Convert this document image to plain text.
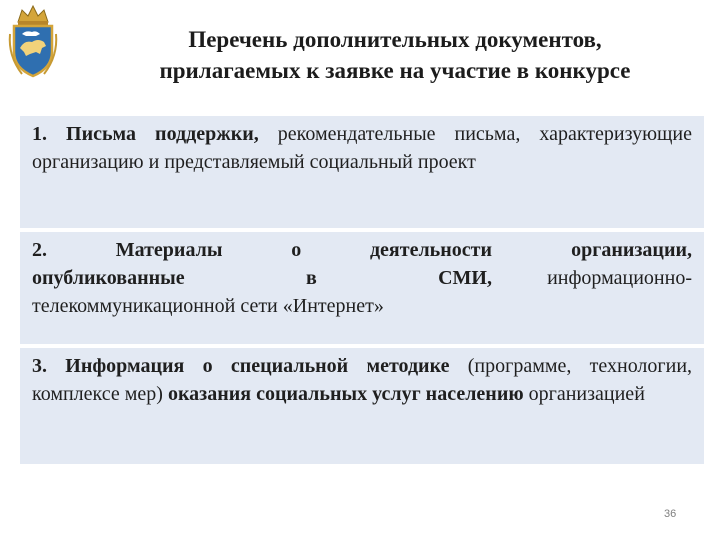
Перечень дополнительных документов,
прилагаемых к заявке на участие в конкурсе

1. Письма поддержки, рекомендательные письма, характеризующие организацию и представляемый социальный проект

2. Материалы о деятельности	организации,
опубликованные в СМИ,	информационно-
телекоммуникационной сети «Интернет»

3. Информация о специальной методике (программе, технологии, комплексе мер) оказания социальных услуг населению организацией

36
